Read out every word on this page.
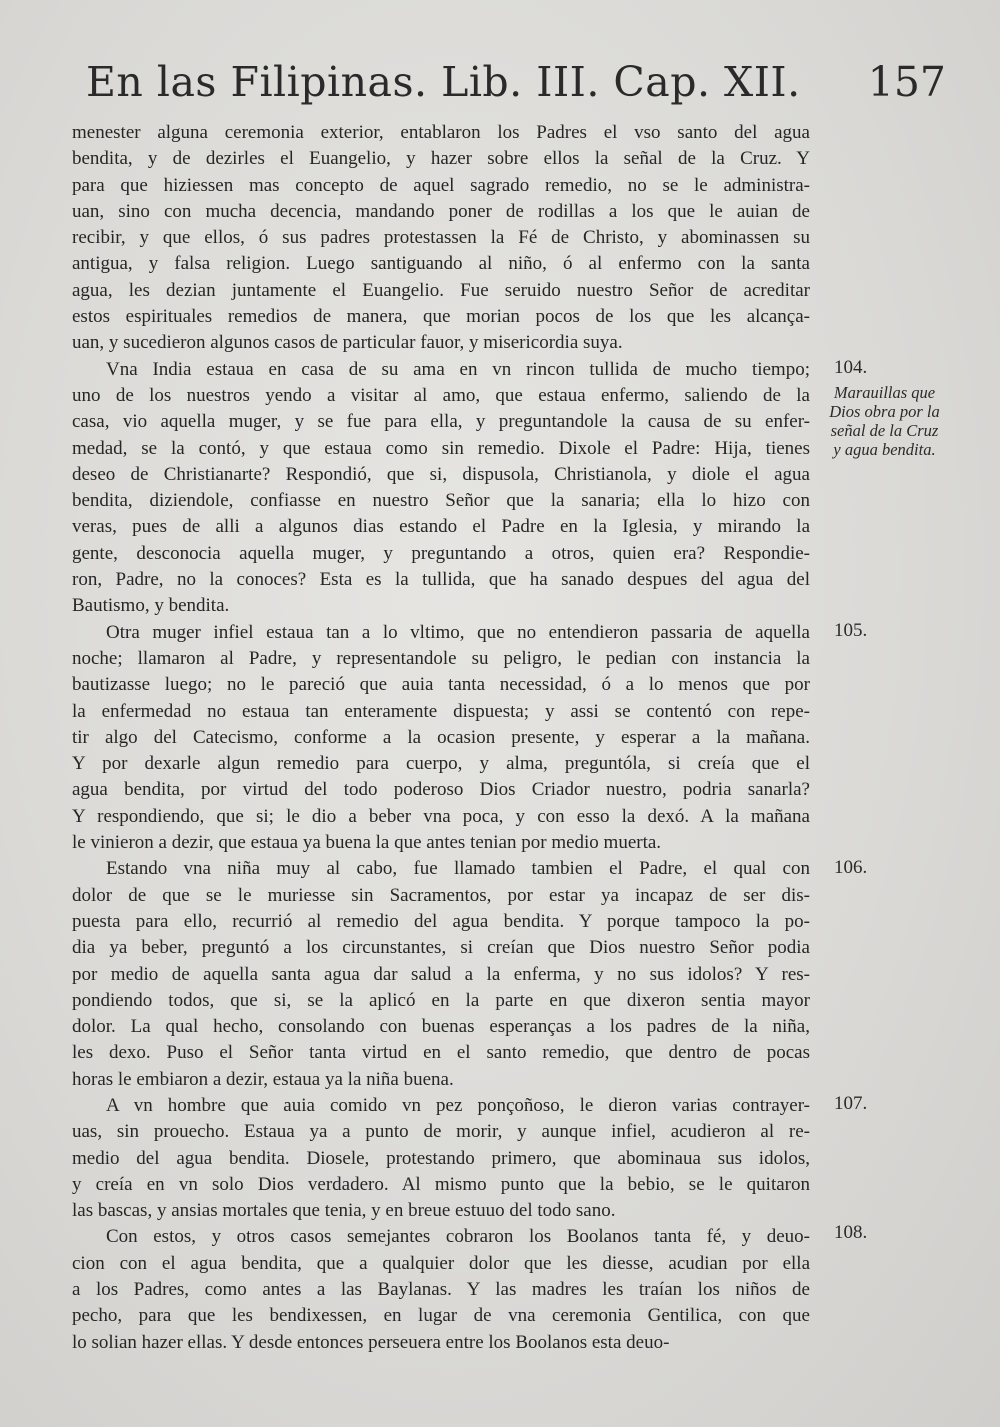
En las Filipinas. Lib. III. Cap. XII. 157
menester alguna ceremonia exterior, entablaron los Padres el vso santo del agua
bendita, y de dezirles el Euangelio, y hazer sobre ellos la señal de la Cruz. Y
para que hiziessen mas concepto de aquel sagrado remedio, no se le administra-
uan, sino con mucha decencia, mandando poner de rodillas a los que le auian de
recibir, y que ellos, ó sus padres protestassen la Fé de Christo, y abominassen su
antigua, y falsa religion. Luego santiguando al niño, ó al enfermo con la santa
agua, les dezian juntamente el Euangelio. Fue seruido nuestro Señor de acreditar
estos espirituales remedios de manera, que morian pocos de los que les alcança-
uan, y sucedieron algunos casos de particular fauor, y misericordia suya.
Vna India estaua en casa de su ama en vn rincon tullida de mucho tiempo;
uno de los nuestros yendo a visitar al amo, que estaua enfermo, saliendo de la
casa, vio aquella muger, y se fue para ella, y preguntandole la causa de su enfer-
medad, se la contó, y que estaua como sin remedio. Dixole el Padre: Hija, tienes
deseo de Christianarte? Respondió, que si, dispusola, Christianola, y diole el agua
bendita, diziendole, confiasse en nuestro Señor que la sanaria; ella lo hizo con
veras, pues de alli a algunos dias estando el Padre en la Iglesia, y mirando la
gente, desconocia aquella muger, y preguntando a otros, quien era? Respondie-
ron, Padre, no la conoces? Esta es la tullida, que ha sanado despues del agua del
Bautismo, y bendita.
Otra muger infiel estaua tan a lo vltimo, que no entendieron passaria de aquella
noche; llamaron al Padre, y representandole su peligro, le pedian con instancia la
bautizasse luego; no le pareció que auia tanta necessidad, ó a lo menos que por
la enfermedad no estaua tan enteramente dispuesta; y assi se contentó con repe-
tir algo del Catecismo, conforme a la ocasion presente, y esperar a la mañana.
Y por dexarle algun remedio para cuerpo, y alma, preguntóla, si creía que el
agua bendita, por virtud del todo poderoso Dios Criador nuestro, podria sanarla?
Y respondiendo, que si; le dio a beber vna poca, y con esso la dexó. A la mañana
le vinieron a dezir, que estaua ya buena la que antes tenian por medio muerta.
Estando vna niña muy al cabo, fue llamado tambien el Padre, el qual con
dolor de que se le muriesse sin Sacramentos, por estar ya incapaz de ser dis-
puesta para ello, recurrió al remedio del agua bendita. Y porque tampoco la po-
dia ya beber, preguntó a los circunstantes, si creían que Dios nuestro Señor podia
por medio de aquella santa agua dar salud a la enferma, y no sus idolos? Y res-
pondiendo todos, que si, se la aplicó en la parte en que dixeron sentia mayor
dolor. La qual hecho, consolando con buenas esperanças a los padres de la niña,
les dexo. Puso el Señor tanta virtud en el santo remedio, que dentro de pocas
horas le embiaron a dezir, estaua ya la niña buena.
A vn hombre que auia comido vn pez ponçoñoso, le dieron varias contrayer-
uas, sin prouecho. Estaua ya a punto de morir, y aunque infiel, acudieron al re-
medio del agua bendita. Diosele, protestando primero, que abominaua sus idolos,
y creía en vn solo Dios verdadero. Al mismo punto que la bebio, se le quitaron
las bascas, y ansias mortales que tenia, y en breue estuuo del todo sano.
Con estos, y otros casos semejantes cobraron los Boolanos tanta fé, y deuo-
cion con el agua bendita, que a qualquier dolor que les diesse, acudian por ella
a los Padres, como antes a las Baylanas. Y las madres les traían los niños de
pecho, para que les bendixessen, en lugar de vna ceremonia Gentilica, con que
lo solian hazer ellas. Y desde entonces perseuera entre los Boolanos esta deuo-
104.
Marauillas que
Dios obra por la
señal de la Cruz
y agua bendita.
105.
106.
107.
108.
